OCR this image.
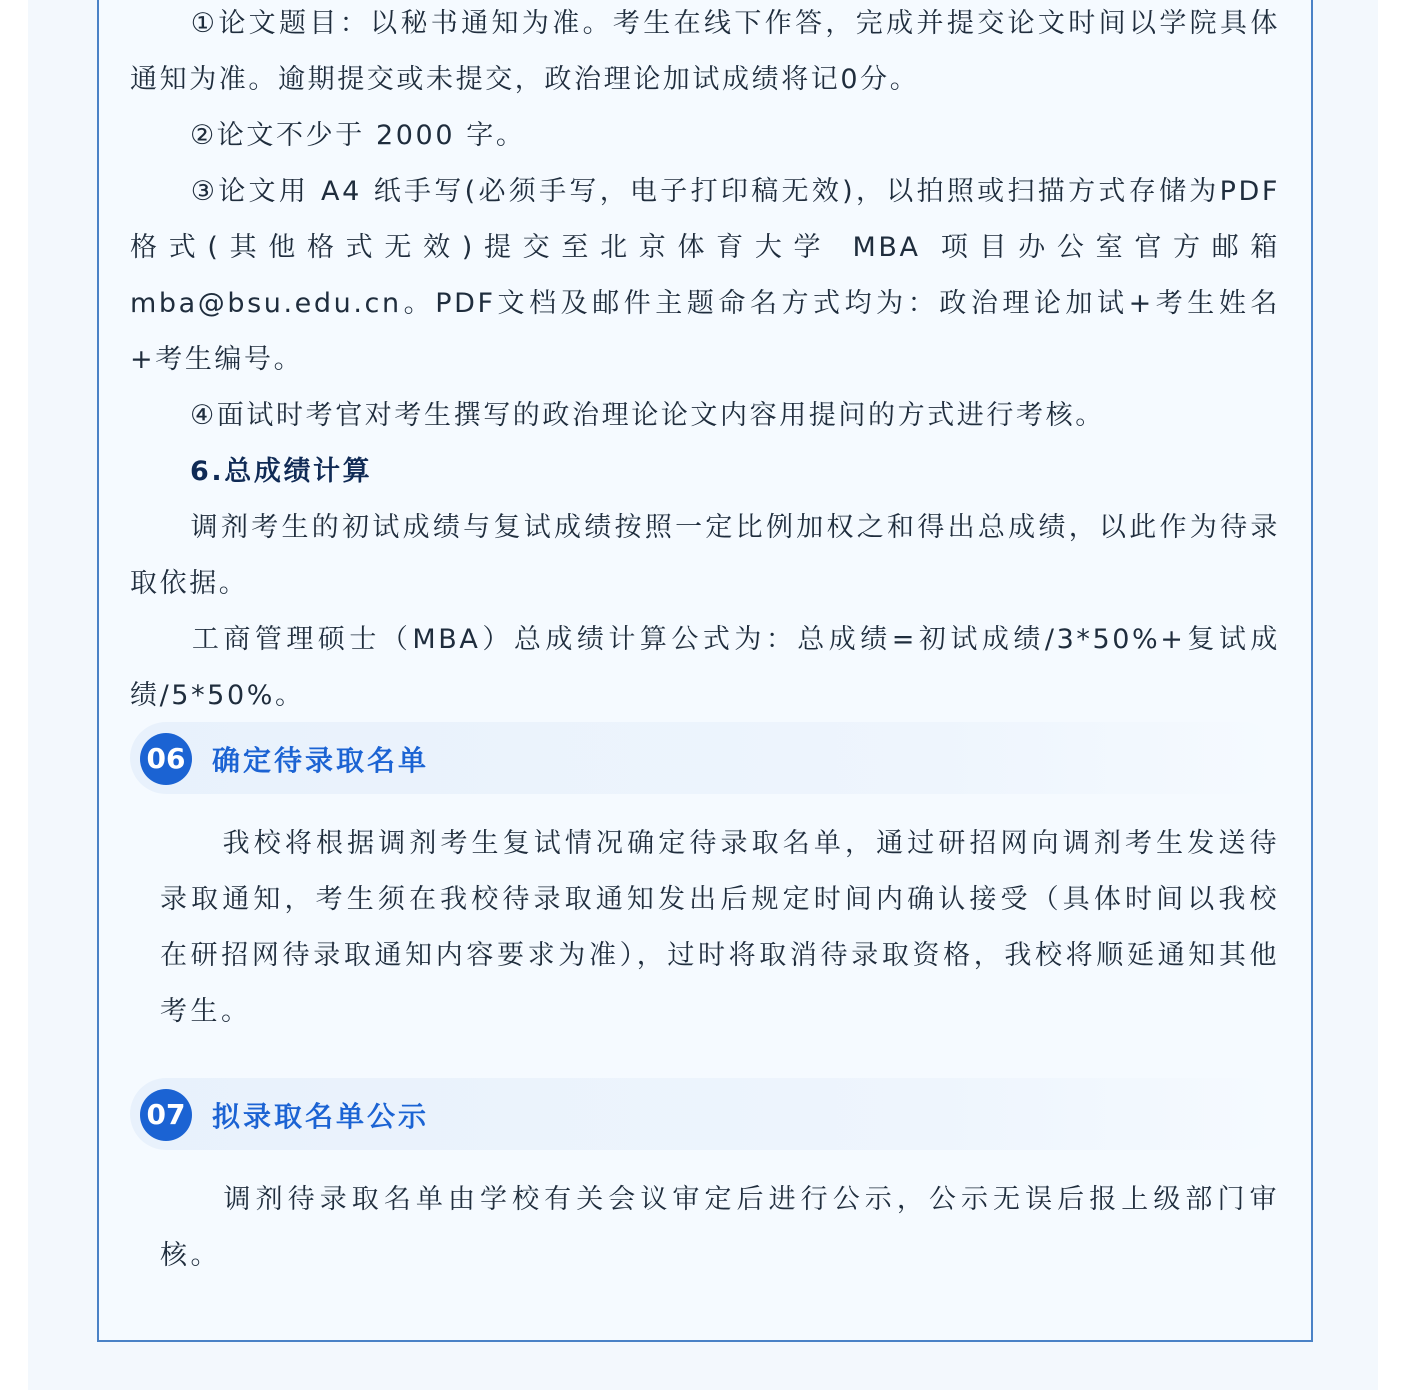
①论文题目：以秘书通知为准。考生在线下作答，完成并提交论文时间以学院具体通知为准。逾期提交或未提交，政治理论加试成绩将记0分。

②论文不少于 2000 字。

③论文用 A4 纸手写(必须手写，电子打印稿无效)，以拍照或扫描方式存储为PDF 格式(其他格式无效)提交至北京体育大学 MBA 项目办公室官方邮箱mba@bsu.edu.cn。PDF文档及邮件主题命名方式均为：政治理论加试+考生姓名+考生编号。

④面试时考官对考生撰写的政治理论论文内容用提问的方式进行考核。

6.总成绩计算

调剂考生的初试成绩与复试成绩按照一定比例加权之和得出总成绩，以此作为待录取依据。

工商管理硕士（MBA）总成绩计算公式为：总成绩=初试成绩/3*50%+复试成绩/5*50%。

06 确定待录取名单

我校将根据调剂考生复试情况确定待录取名单，通过研招网向调剂考生发送待录取通知，考生须在我校待录取通知发出后规定时间内确认接受（具体时间以我校在研招网待录取通知内容要求为准），过时将取消待录取资格，我校将顺延通知其他考生。

07 拟录取名单公示

调剂待录取名单由学校有关会议审定后进行公示，公示无误后报上级部门审核。
